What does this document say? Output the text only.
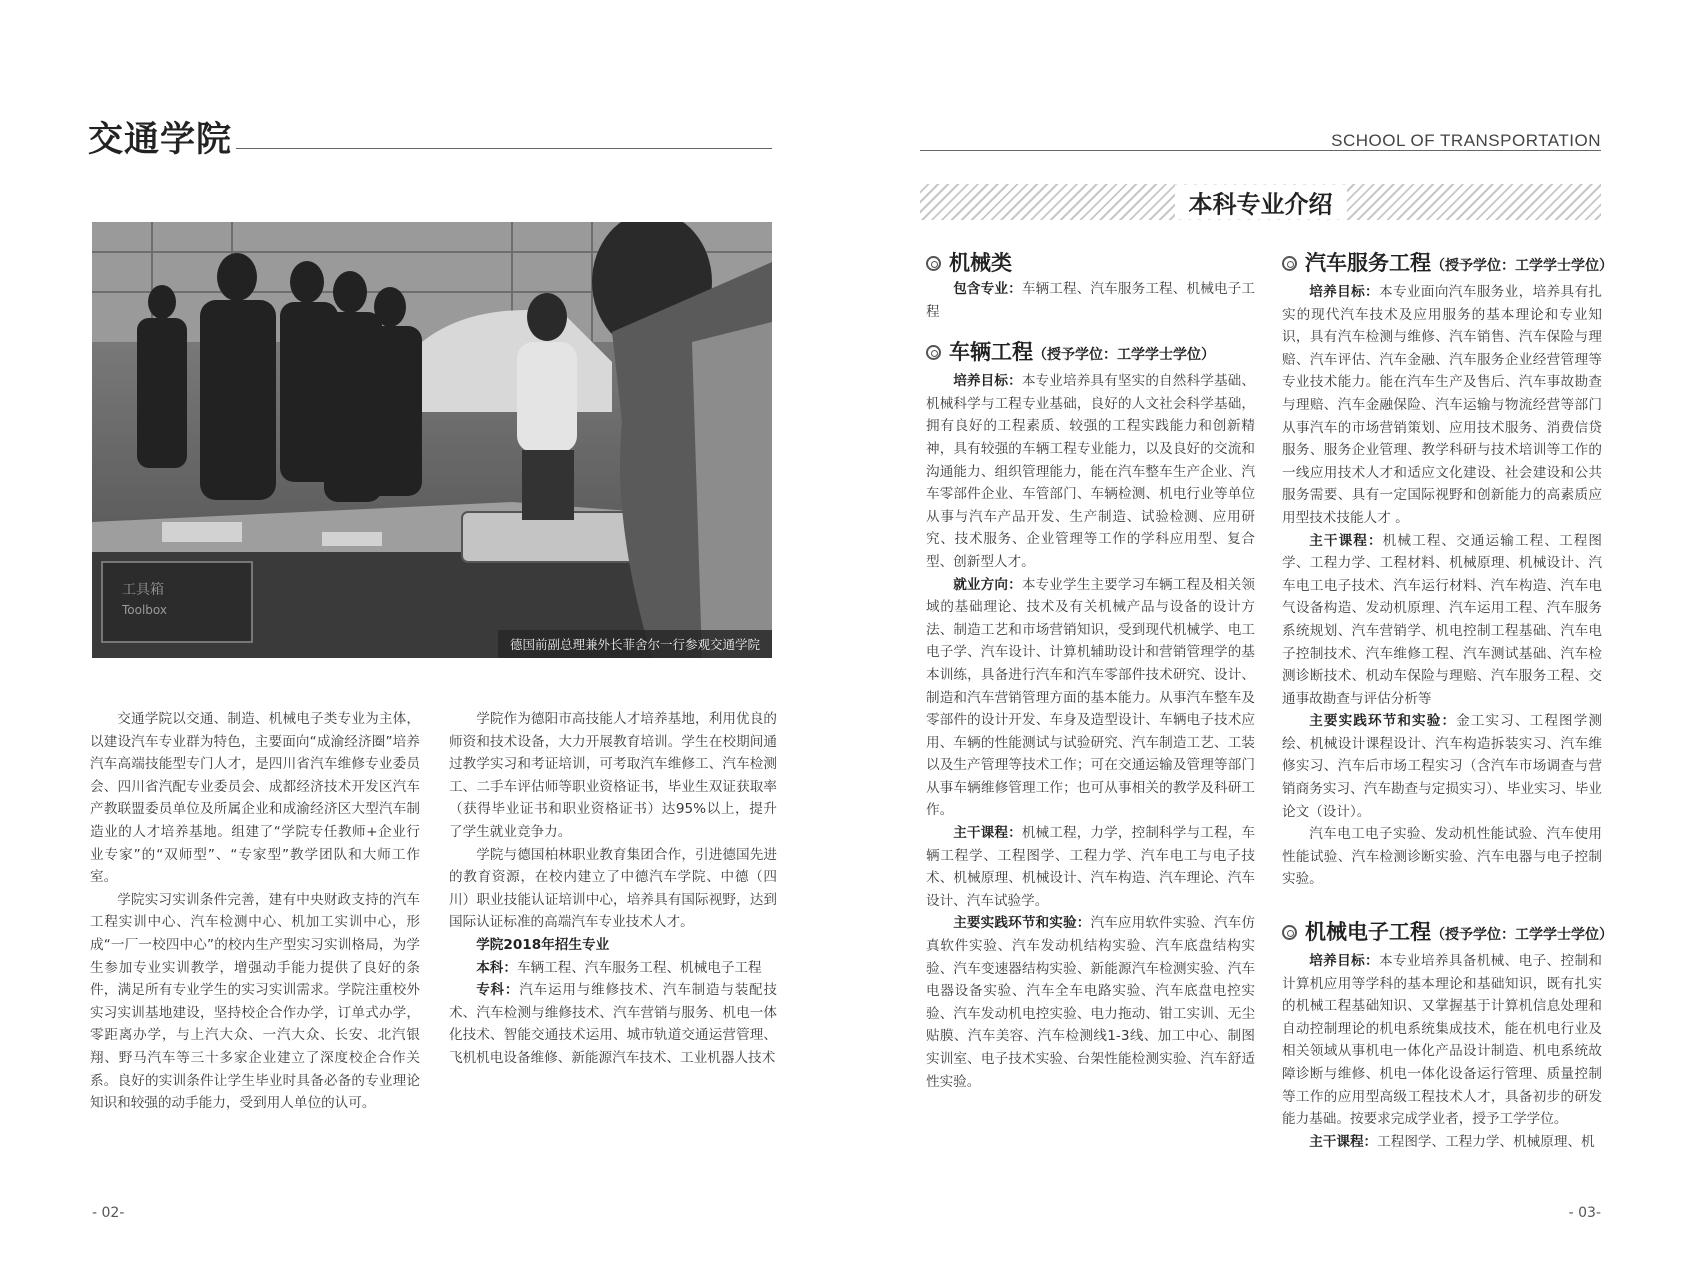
交通学院
工具箱
Toolbox
德国前副总理兼外长菲舍尔一行参观交通学院

交通学院以交通、制造、机械电子类专业为主体，以建设汽车专业群为特色，主要面向“成渝经济圈”培养汽车高端技能型专门人才，是四川省汽车维修专业委员会、四川省汽配专业委员会、成都经济技术开发区汽车产教联盟委员单位及所属企业和成渝经济区大型汽车制造业的人才培养基地。组建了“学院专任教师+企业行业专家”的“双师型”、“专家型”教学团队和大师工作室。

学院实习实训条件完善，建有中央财政支持的汽车工程实训中心、汽车检测中心、机加工实训中心，形成“一厂一校四中心”的校内生产型实习实训格局，为学生参加专业实训教学，增强动手能力提供了良好的条件，满足所有专业学生的实习实训需求。学院注重校外实习实训基地建设，坚持校企合作办学，订单式办学，零距离办学，与上汽大众、一汽大众、长安、北汽银翔、野马汽车等三十多家企业建立了深度校企合作关系。良好的实训条件让学生毕业时具备必备的专业理论知识和较强的动手能力，受到用人单位的认可。

学院作为德阳市高技能人才培养基地，利用优良的师资和技术设备，大力开展教育培训。学生在校期间通过教学实习和考证培训，可考取汽车维修工、汽车检测工、二手车评估师等职业资格证书，毕业生双证获取率（获得毕业证书和职业资格证书）达95%以上，提升了学生就业竞争力。

学院与德国柏林职业教育集团合作，引进德国先进的教育资源，在校内建立了中德汽车学院、中德（四川）职业技能认证培训中心，培养具有国际视野，达到国际认证标准的高端汽车专业技术人才。

学院2018年招生专业

本科：车辆工程、汽车服务工程、机械电子工程

专科：汽车运用与维修技术、汽车制造与装配技术、汽车检测与维修技术、汽车营销与服务、机电一体化技术、智能交通技术运用、城市轨道交通运营管理、飞机机电设备维修、新能源汽车技术、工业机器人技术

- 02-
SCHOOL OF TRANSPORTATION
本科专业介绍
机械类

包含专业：车辆工程、汽车服务工程、机械电子工程

车辆工程（授予学位：工学学士学位）

培养目标：本专业培养具有坚实的自然科学基础、机械科学与工程专业基础，良好的人文社会科学基础，拥有良好的工程素质、较强的工程实践能力和创新精神，具有较强的车辆工程专业能力，以及良好的交流和沟通能力、组织管理能力，能在汽车整车生产企业、汽车零部件企业、车管部门、车辆检测、机电行业等单位从事与汽车产品开发、生产制造、试验检测、应用研究、技术服务、企业管理等工作的学科应用型、复合型、创新型人才。

就业方向：本专业学生主要学习车辆工程及相关领域的基础理论、技术及有关机械产品与设备的设计方法、制造工艺和市场营销知识，受到现代机械学、电工电子学、汽车设计、计算机辅助设计和营销管理学的基本训练，具备进行汽车和汽车零部件技术研究、设计、制造和汽车营销管理方面的基本能力。从事汽车整车及零部件的设计开发、车身及造型设计、车辆电子技术应用、车辆的性能测试与试验研究、汽车制造工艺、工装以及生产管理等技术工作；可在交通运输及管理等部门从事车辆维修管理工作；也可从事相关的教学及科研工作。

主干课程：机械工程，力学，控制科学与工程，车辆工程学、工程图学、工程力学、汽车电工与电子技术、机械原理、机械设计、汽车构造、汽车理论、汽车设计、汽车试验学。

主要实践环节和实验：汽车应用软件实验、汽车仿真软件实验、汽车发动机结构实验、汽车底盘结构实验、汽车变速器结构实验、新能源汽车检测实验、汽车电器设备实验、汽车全车电路实验、汽车底盘电控实验、汽车发动机电控实验、电力拖动、钳工实训、无尘贴膜、汽车美容、汽车检测线1-3线、加工中心、制图实训室、电子技术实验、台架性能检测实验、汽车舒适性实验。

汽车服务工程（授予学位：工学学士学位）

培养目标：本专业面向汽车服务业，培养具有扎实的现代汽车技术及应用服务的基本理论和专业知识，具有汽车检测与维修、汽车销售、汽车保险与理赔、汽车评估、汽车金融、汽车服务企业经营管理等专业技术能力。能在汽车生产及售后、汽车事故勘查与理赔、汽车金融保险、汽车运输与物流经营等部门从事汽车的市场营销策划、应用技术服务、消费信贷服务、服务企业管理、教学科研与技术培训等工作的一线应用技术人才和适应文化建设、社会建设和公共服务需要、具有一定国际视野和创新能力的高素质应用型技术技能人才 。

主干课程：机械工程、交通运输工程、工程图学、工程力学、工程材料、机械原理、机械设计、汽车电工电子技术、汽车运行材料、汽车构造、汽车电气设备构造、发动机原理、汽车运用工程、汽车服务系统规划、汽车营销学、机电控制工程基础、汽车电子控制技术、汽车维修工程、汽车测试基础、汽车检测诊断技术、机动车保险与理赔、汽车服务工程、交通事故勘查与评估分析等

主要实践环节和实验：金工实习、工程图学测绘、机械设计课程设计、汽车构造拆装实习、汽车维修实习、汽车后市场工程实习（含汽车市场调查与营销商务实习、汽车勘查与定损实习）、毕业实习、毕业论文（设计）。

汽车电工电子实验、发动机性能试验、汽车使用性能试验、汽车检测诊断实验、汽车电器与电子控制实验。

机械电子工程（授予学位：工学学士学位）

培养目标：本专业培养具备机械、电子、控制和计算机应用等学科的基本理论和基础知识，既有扎实的机械工程基础知识、又掌握基于计算机信息处理和自动控制理论的机电系统集成技术，能在机电行业及相关领域从事机电一体化产品设计制造、机电系统故障诊断与维修、机电一体化设备运行管理、质量控制等工作的应用型高级工程技术人才，具备初步的研发能力基础。按要求完成学业者，授予工学学位。

主干课程：工程图学、工程力学、机械原理、机

- 03-
